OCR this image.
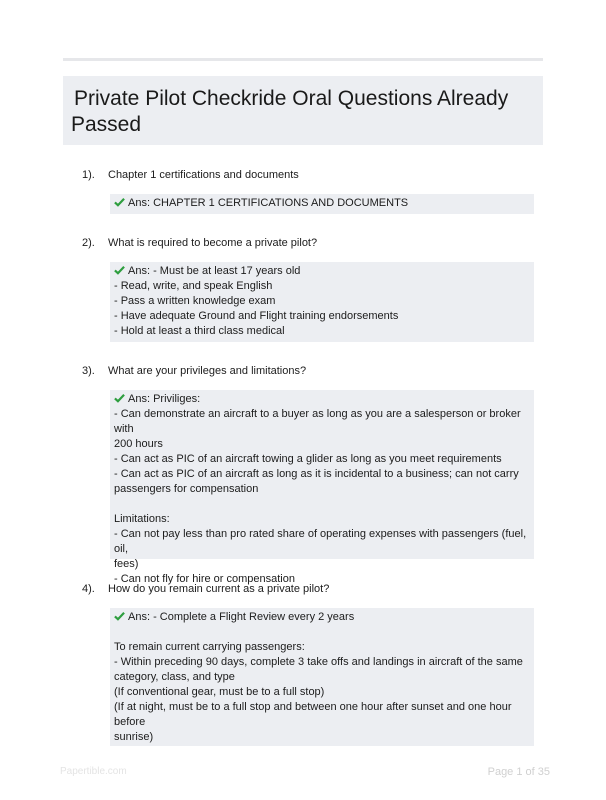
Private Pilot Checkride Oral Questions Already Passed
1). Chapter 1 certifications and documents
Ans: CHAPTER 1 CERTIFICATIONS AND DOCUMENTS
2). What is required to become a private pilot?
Ans: - Must be at least 17 years old
- Read, write, and speak English
- Pass a written knowledge exam
- Have adequate Ground and Flight training endorsements
- Hold at least a third class medical
3). What are your privileges and limitations?
Ans: Priviliges:
- Can demonstrate an aircraft to a buyer as long as you are a salesperson or broker with
200 hours
- Can act as PIC of an aircraft towing a glider as long as you meet requirements
- Can act as PIC of an aircraft as long as it is incidental to a business; can not carry
passengers for compensation
Limitations:
- Can not pay less than pro rated share of operating expenses with passengers (fuel, oil,
fees)
- Can not fly for hire or compensation
4). How do you remain current as a private pilot?
Ans: - Complete a Flight Review every 2 years
To remain current carrying passengers:
- Within preceding 90 days, complete 3 take offs and landings in aircraft of the same
category, class, and type
(If conventional gear, must be to a full stop)
(If at night, must be to a full stop and between one hour after sunset and one hour before
sunrise)
Papertible.com	Page 1 of 35
